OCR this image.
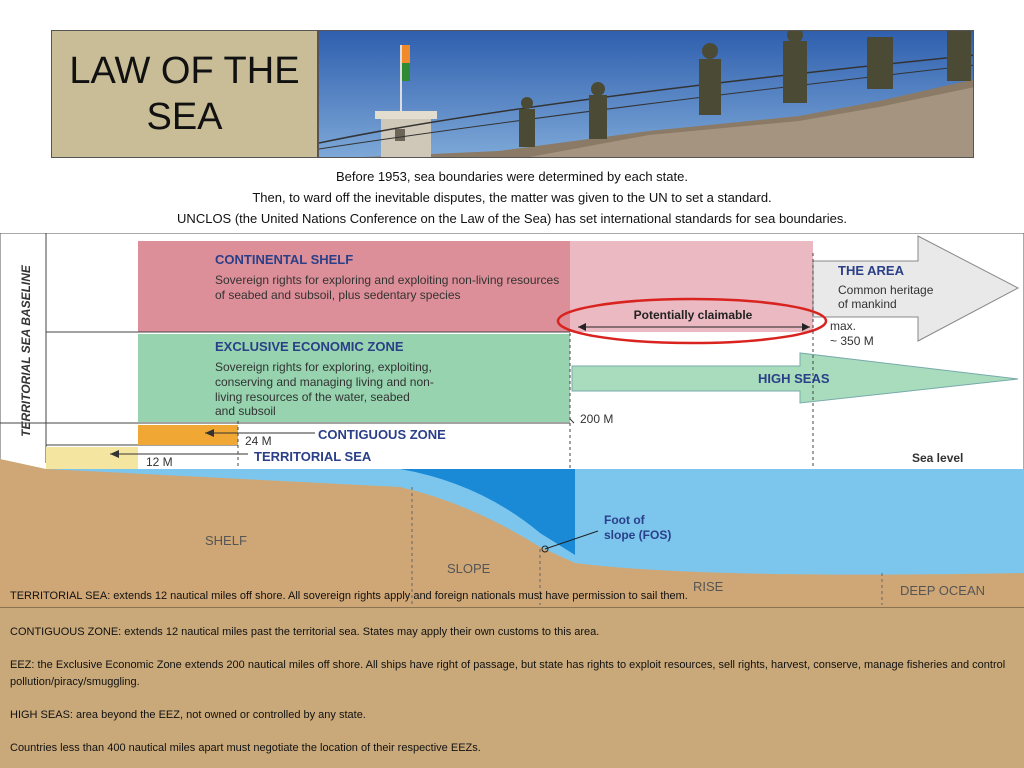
LAW OF THE SEA
Before 1953, sea boundaries were determined by each state.
Then, to ward off the inevitable disputes, the matter was given to the UN to set a standard.
UNCLOS (the United Nations Conference on the Law of the Sea) has set international standards for sea boundaries.
TERRITORIAL SEA BASELINE
CONTINENTAL SHELF
Sovereign rights for exploring and exploiting non-living resources
of seabed and subsoil, plus sedentary species
THE AREA
Common heritage
of mankind
Potentially claimable
max.
~ 350 M
EXCLUSIVE ECONOMIC ZONE
Sovereign rights for exploring, exploiting,
conserving and managing living and non-
living resources of the water, seabed
and subsoil
HIGH SEAS
200 M
24 M
12 M
CONTIGUOUS ZONE
TERRITORIAL SEA	Sea level
SHELF
SLOPE
RISE	DEEP OCEAN
Foot of
slope (FOS)
TERRITORIAL SEA: extends 12 nautical miles off shore. All sovereign rights apply and foreign nationals must have permission to sail them.

CONTIGUOUS ZONE: extends 12 nautical miles past the territorial sea. States may apply their own customs to this area.

EEZ: the Exclusive Economic Zone extends 200 nautical miles off shore. All ships have right of passage, but state has rights to exploit resources, sell rights, harvest, conserve, manage fisheries and control pollution/piracy/smuggling.

HIGH SEAS: area beyond the EEZ, not owned or controlled by any state.

Countries less than 400 nautical miles apart must negotiate the location of their respective EEZs.
